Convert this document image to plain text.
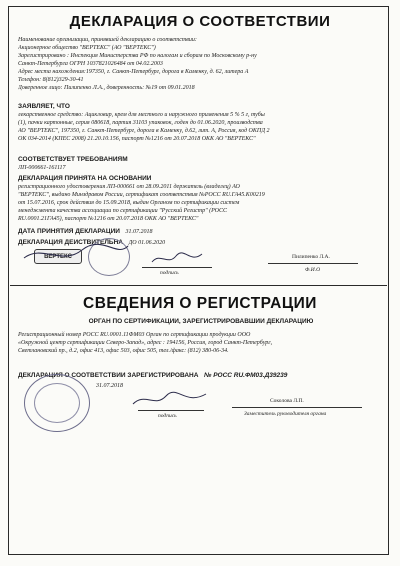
ДЕКЛАРАЦИЯ О СООТВЕТСТВИИ
Наименование организации, принявшей декларацию о соответствии:
Акционерное общество "ВЕРТЕКС" (АО "ВЕРТЕКС")
Зарегистрировано : Инспекция Министерства РФ по налогам и сборам по Московскому р-ну
Санкт-Петербурга ОГРН 1037821026484 от 04.02.2003
Адрес места нахождения:197350, г. Санкт-Петербург, дорога в Каменку, д. 62, литера А
Телефон: 8(812)329-30-41
Доверенное лицо: Пилипенко Л.А., доверенность: №19 от 09.01.2018
ЗАЯВЛЯЕТ, ЧТО
лекарственное средство: Ацикловир, крем для местного и наружного применения 5 % 5 г, тубы
(1), пачки картонные, серия 080618, партия 31103 упаковок, годен до 01.06.2020, производства
АО "ВЕРТЕКС", 197350, г. Санкт-Петербург, дорога в Каменку, д.62, лит. А, Россия, код ОКПД 2
ОК 034-2014 (КПЕС 2008) 21.20.10.156, паспорт №1216 от 20.07.2018 ОКК АО "ВЕРТЕКС"
СООТВЕТСТВУЕТ ТРЕБОВАНИЯМ
ЛП-000661-161117
ДЕКЛАРАЦИЯ ПРИНЯТА НА ОСНОВАНИИ
регистрационного удостоверения ЛП-000661 от 28.09.2011 держатель (владелец) АО
"ВЕРТЕКС", выдано Минздравом России, сертификат соответствия №РОСС RU.ГА45.К00219
от 15.07.2016, срок действия до 15.09.2018, выдан Органом по сертификации систем
менеджмента качества ассоциации по сертификации "Русский Регистр" (РОСС
RU.0001.21ГА45), паспорт №1216 от 20.07.2018 ОКК АО "ВЕРТЕКС"
ДАТА ПРИНЯТИЯ ДЕКЛАРАЦИИ 31.07.2018
ДЕКЛАРАЦИЯ ДЕЙСТВИТЕЛЬНА ДО 01.06.2020
ВЕРТЕКС
подпись
Пилипенко Л.А.
Ф.И.О
СВЕДЕНИЯ О РЕГИСТРАЦИИ
ОРГАН ПО СЕРТИФИКАЦИИ, ЗАРЕГИСТРИРОВАВШИЙ ДЕКЛАРАЦИЮ
Регистрационный номер РОСС RU.0001.11ФМ03 Орган по сертификации продукции ООО
«Окружной центр сертификации Северо-Запад», адрес : 194156, Россия, город Санкт-Петербург,
Светлановский пр., д.2, офис 413, офис 503, офис 505, тел./факс: (812) 380-06-34.
ДЕКЛАРАЦИЯ О СООТВЕТСТВИИ ЗАРЕГИСТРИРОВАНА № РОСС RU.ФМ03.Д39239
31.07.2018
подпись
Соколова Л.П.
Заместитель руководителя органа
